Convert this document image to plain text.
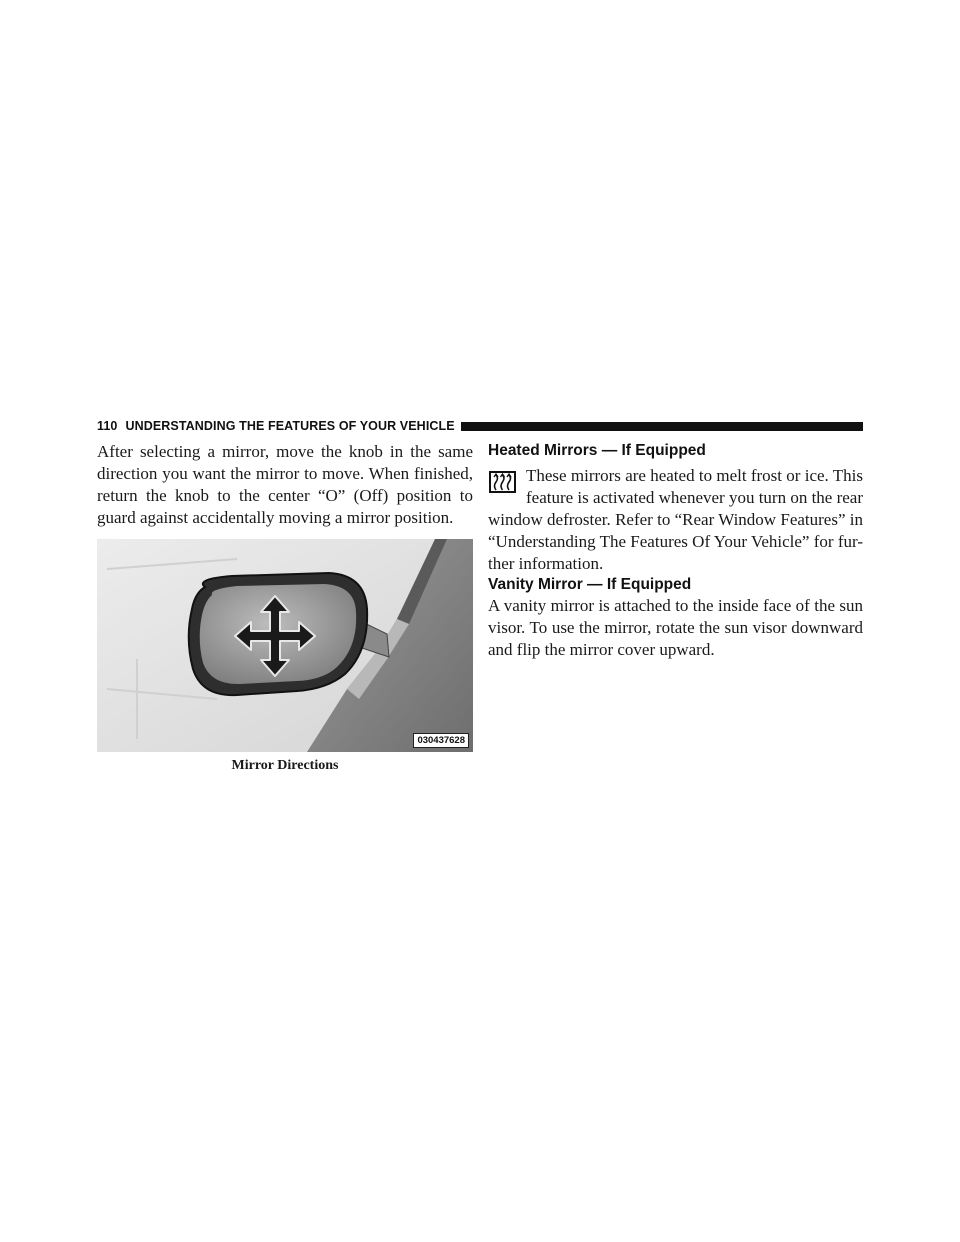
110 UNDERSTANDING THE FEATURES OF YOUR VEHICLE

After selecting a mirror, move the knob in the same direction you want the mirror to move. When finished, return the knob to the center “O” (Off) position to guard against accidentally moving a mirror position.

030437628
Mirror Directions
Heated Mirrors — If Equipped

These mirrors are heated to melt frost or ice. This feature is activated whenever you turn on the rear window defroster. Refer to “Rear Window Features” in “Understanding The Features Of Your Vehicle” for fur-ther information.

Vanity Mirror — If Equipped

A vanity mirror is attached to the inside face of the sun visor. To use the mirror, rotate the sun visor downward and flip the mirror cover upward.
